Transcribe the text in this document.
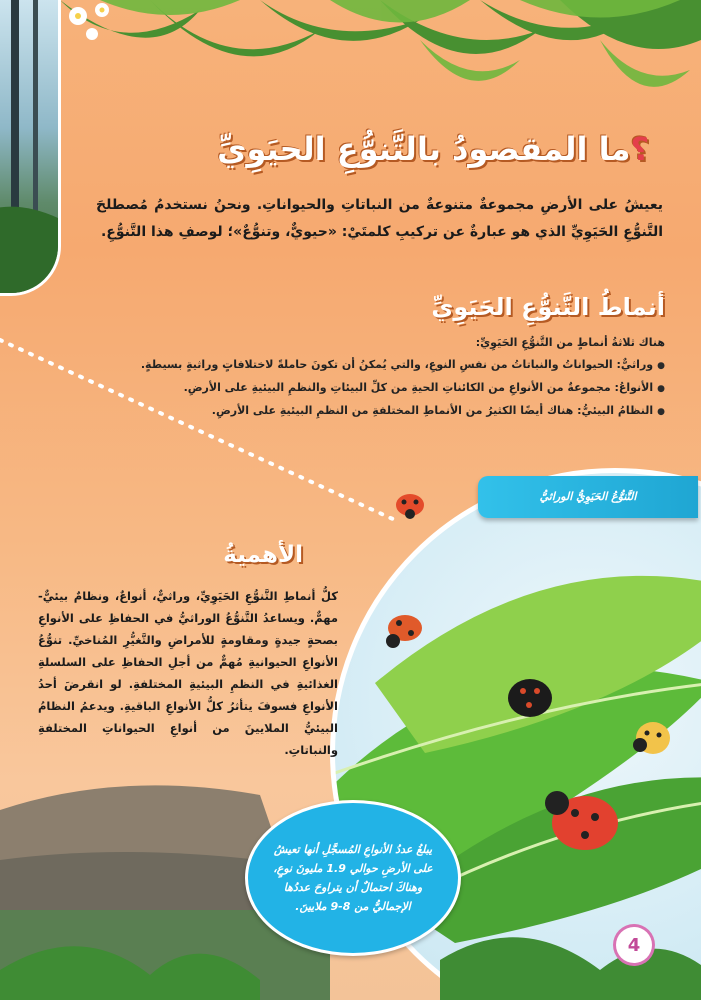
؟ما المقصودُ بالتَّنوُّعِ الحيَوِيِّ

يعيشُ على الأرضِ مجموعةٌ متنوعةٌ من النباتاتِ والحيواناتِ. ونحنُ نستخدمُ مُصطلحَ التَّنوُّعِ الحَيَوِيِّ الذي هو عبارةٌ عن تركيبِ كلمتَيْ: «حيويٌّ، وتنوُّعٌ»؛ لوصفِ هذا التَّنوُّعِ.

أنماطُ التَّنوُّعِ الحَيَوِيِّ

هناك ثلاثةُ أنماطٍ من التَّنوُّعِ الحَيَوِيِّ:

● وراثيٌّ: الحيواناتُ والنباتاتُ من نفسِ النوعِ، والتي يُمكنُ أن تكونَ حاملةً لاختلافاتٍ وراثيةٍ بسيطةٍ.
● الأنواعُ: مجموعةٌ من الأنواعِ من الكائناتِ الحيةِ من كلِّ البيئاتِ والنظمِ البيئيةِ على الأرضِ.
● النظامُ البيئيُّ: هناك أيضًا الكثيرُ من الأنماطِ المختلفةِ من النظمِ البيئيةِ على الأرضِ.
التَّنوُّعُ الحَيَوِيُّ الوراثيُّ
الأهميةُ

كلُّ أنماطِ التَّنوُّعِ الحَيَوِيِّ، وراثيٌّ، أنواعٌ، ونظامٌ بيئيٌّ- مهمٌّ. ويساعدُ التَّنوُّعُ الوراثيُّ في الحفاظِ على الأنواعِ بصحةٍ جيدةٍ ومقاومةٍ للأمراضِ والتَّغيُّرِ المُناخيِّ. تنوُّعُ الأنواعِ الحيوانيةِ مُهمٌّ من أجلِ الحفاظِ على السلسلةِ الغذائيةِ في النظمِ البيئيةِ المختلفةِ. لو انقرضَ أحدُ الأنواعِ فسوفَ يتأثرُ كلُّ الأنواعِ الباقيةِ. ويدعمُ النظامُ البيئيُّ الملايينَ من أنواعِ الحيواناتِ المختلفةِ والنباتاتِ.

يبلغُ عددُ الأنواعِ المُسجَّلِ أنها تعيشُ على الأرضِ حوالي 1.9 مليونَ نوعٍ، وهناكَ احتمالٌ أن يتراوحَ عددُها الإجماليُّ من 8-9 ملايينَ.

4
